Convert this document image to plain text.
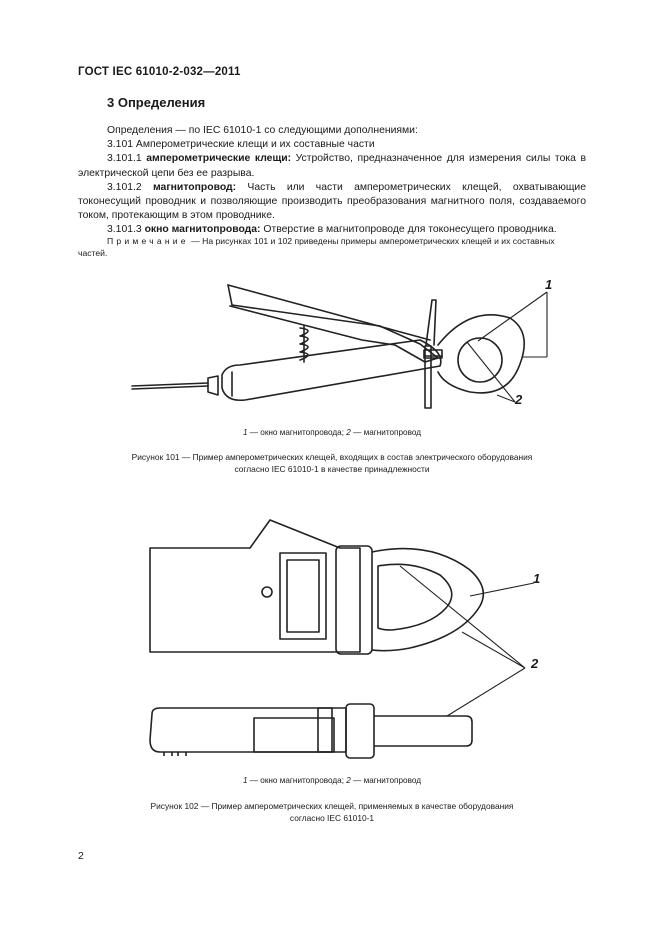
ГОСТ IEC 61010-2-032—2011
3 Определения

Определения — по IEC 61010-1 со следующими дополнениями:

3.101 Амперометрические клещи и их составные части

3.101.1 амперометрические клещи: Устройство, предназначенное для измерения силы тока в электрической цепи без ее разрыва.

3.101.2 магнитопровод: Часть или части амперометрических клещей, охватывающие токонесущий проводник и позволяющие производить преобразования магнитного поля, создаваемого током, протекающим в этом проводнике.

3.101.3 окно магнитопровода: Отверстие в магнитопроводе для токонесущего проводника.

Примечание — На рисунках 101 и 102 приведены примеры амперометрических клещей и их составных частей.
1
2
1 — окно магнитопровода; 2 — магнитопровод
Рисунок 101 — Пример амперометрических клещей, входящих в состав электрического оборудования
согласно IEC 61010-1 в качестве принадлежности
1
2
1 — окно магнитопровода; 2 — магнитопровод
Рисунок 102 — Пример амперометрических клещей, применяемых в качестве оборудования
согласно IEC 61010-1
2
